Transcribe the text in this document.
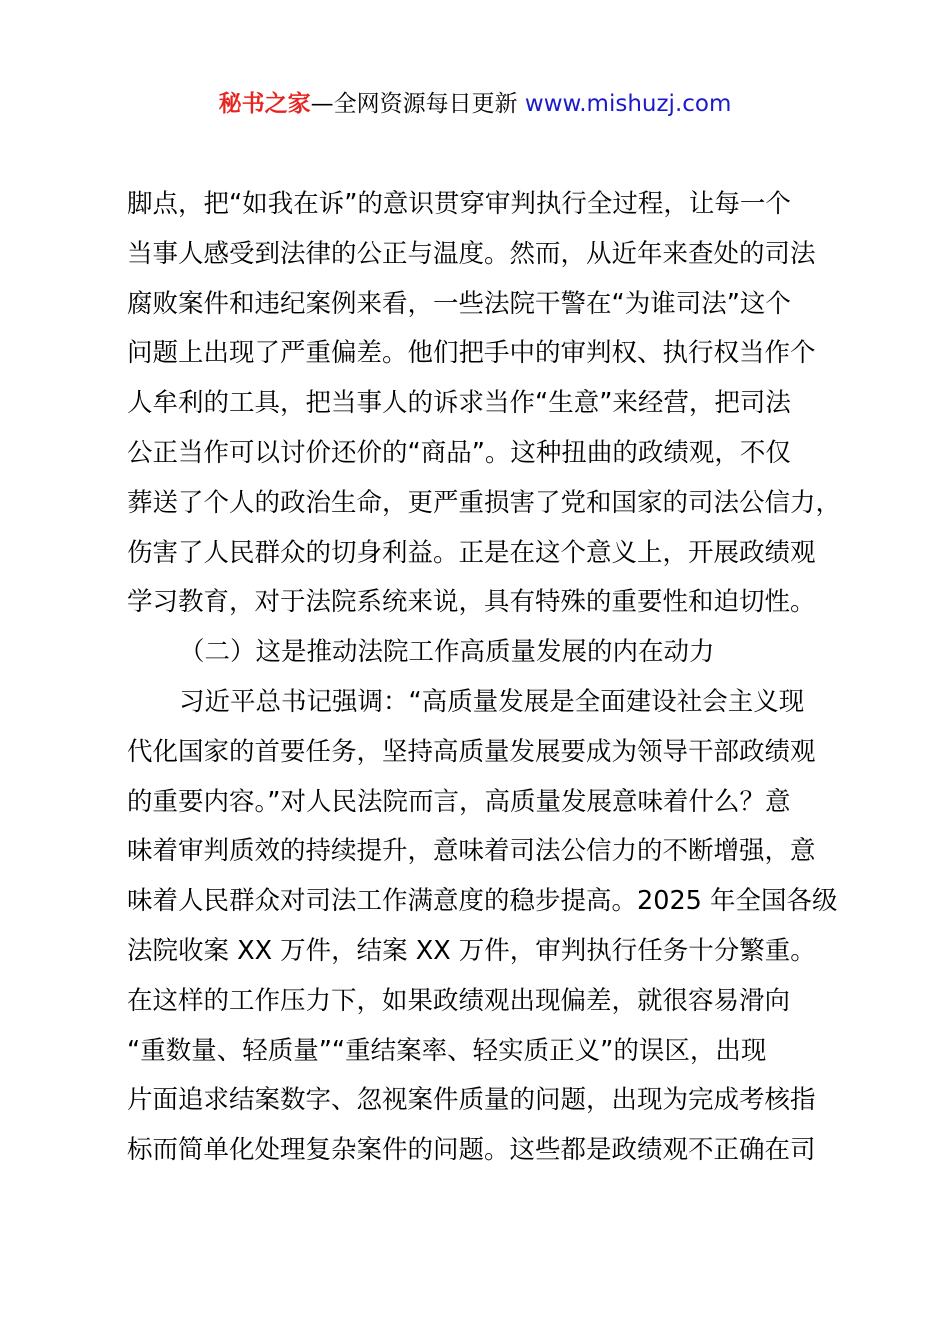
秘书之家—全网资源每日更新 www.mishuzj.com
脚点，把“如我在诉”的意识贯穿审判执行全过程，让每一个
当事人感受到法律的公正与温度。然而，从近年来查处的司法
腐败案件和违纪案例来看，一些法院干警在“为谁司法”这个
问题上出现了严重偏差。他们把手中的审判权、执行权当作个
人牟利的工具，把当事人的诉求当作“生意”来经营，把司法
公正当作可以讨价还价的“商品”。这种扭曲的政绩观，不仅
葬送了个人的政治生命，更严重损害了党和国家的司法公信力，
伤害了人民群众的切身利益。正是在这个意义上，开展政绩观
学习教育，对于法院系统来说，具有特殊的重要性和迫切性。
（二）这是推动法院工作高质量发展的内在动力
习近平总书记强调：“高质量发展是全面建设社会主义现
代化国家的首要任务，坚持高质量发展要成为领导干部政绩观
的重要内容。”对人民法院而言，高质量发展意味着什么？意
味着审判质效的持续提升，意味着司法公信力的不断增强，意
味着人民群众对司法工作满意度的稳步提高。2025 年全国各级
法院收案 XX 万件，结案 XX 万件，审判执行任务十分繁重。
在这样的工作压力下，如果政绩观出现偏差，就很容易滑向
“重数量、轻质量”“重结案率、轻实质正义”的误区，出现
片面追求结案数字、忽视案件质量的问题，出现为完成考核指
标而简单化处理复杂案件的问题。这些都是政绩观不正确在司
